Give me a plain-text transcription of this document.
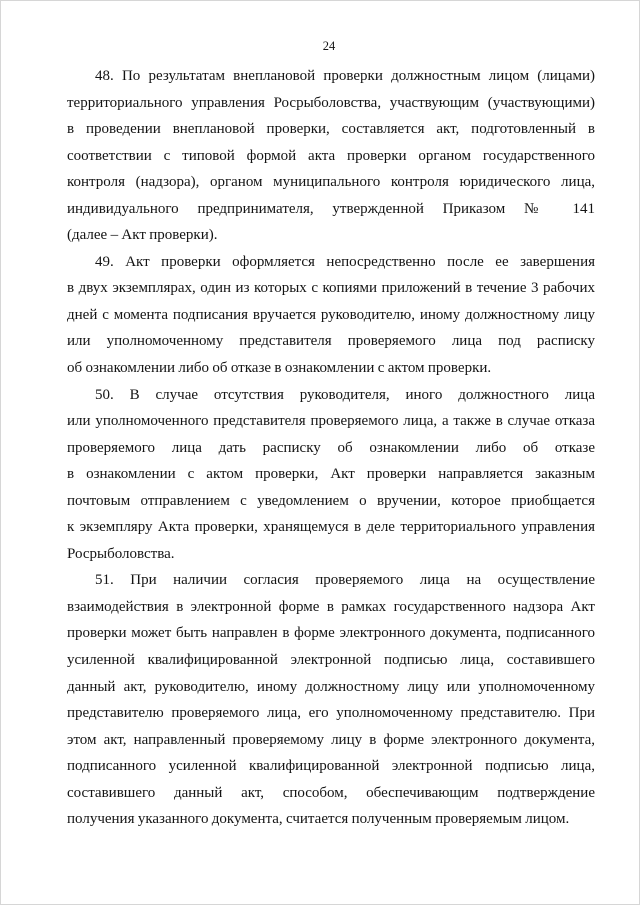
24
48. По результатам внеплановой проверки должностным лицом (лицами)
территориального управления Росрыболовства, участвующим (участвующими)
в проведении внеплановой проверки, составляется акт, подготовленный в
соответствии с типовой формой акта проверки органом государственного
контроля (надзора), органом муниципального контроля юридического лица,
индивидуального предпринимателя, утвержденной Приказом № 141
(далее – Акт проверки).
49. Акт проверки оформляется непосредственно после ее завершения
в двух экземплярах, один из которых с копиями приложений в течение 3 рабочих
дней с момента подписания вручается руководителю, иному должностному лицу
или уполномоченному представителя проверяемого лица под расписку
об ознакомлении либо об отказе в ознакомлении с актом проверки.
50. В случае отсутствия руководителя, иного должностного лица
или уполномоченного представителя проверяемого лица, а также в случае отказа
проверяемого лица дать расписку об ознакомлении либо об отказе
в ознакомлении с актом проверки, Акт проверки направляется заказным
почтовым отправлением с уведомлением о вручении, которое приобщается
к экземпляру Акта проверки, хранящемуся в деле территориального управления
Росрыболовства.
51. При наличии согласия проверяемого лица на осуществление
взаимодействия в электронной форме в рамках государственного надзора Акт
проверки может быть направлен в форме электронного документа, подписанного
усиленной квалифицированной электронной подписью лица, составившего
данный акт, руководителю, иному должностному лицу или уполномоченному
представителю проверяемого лица, его уполномоченному представителю. При
этом акт, направленный проверяемому лицу в форме электронного документа,
подписанного усиленной квалифицированной электронной подписью лица,
составившего данный акт, способом, обеспечивающим подтверждение
получения указанного документа, считается полученным проверяемым лицом.
